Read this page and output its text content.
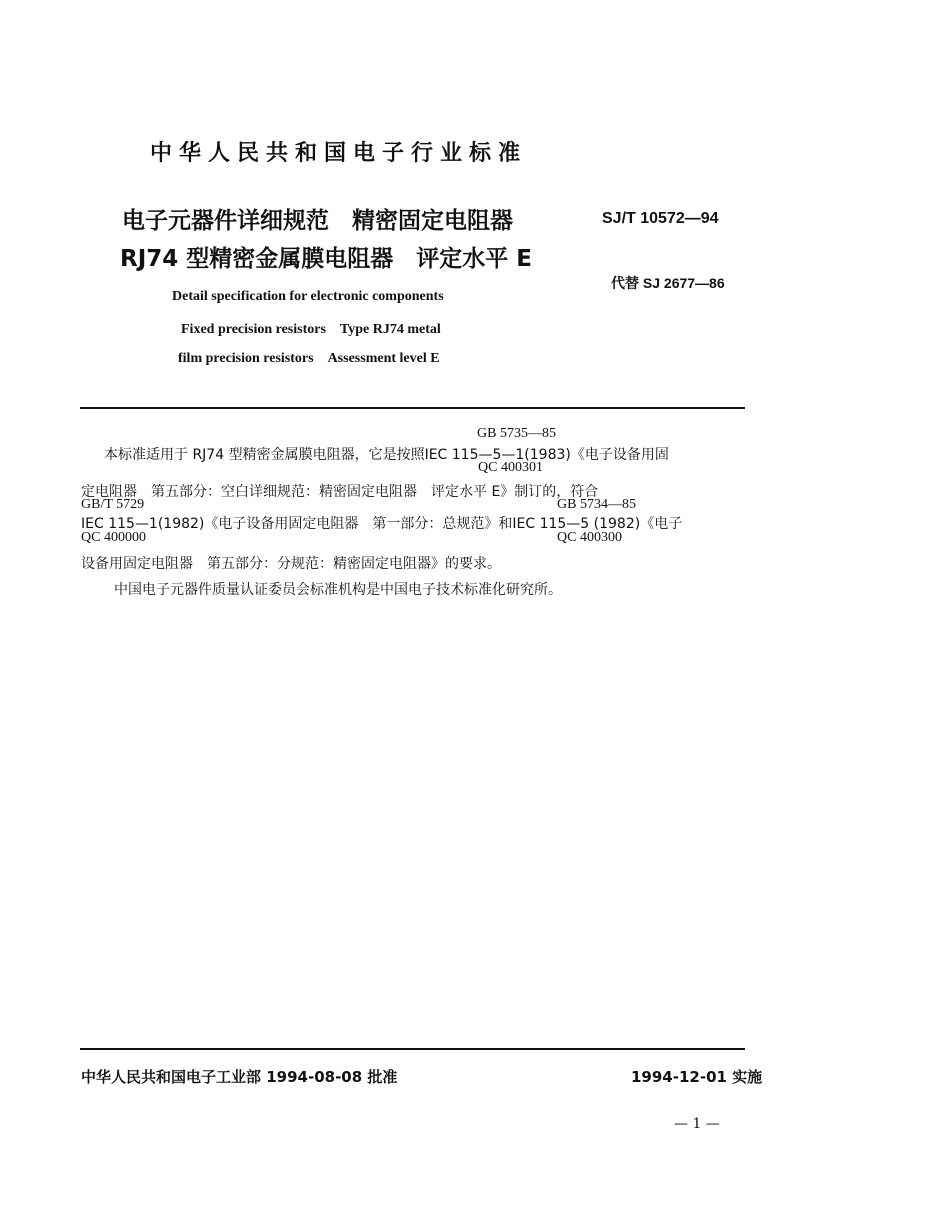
中华人民共和国电子行业标准
电子元器件详细规范　精密固定电阻器
RJ74 型精密金属膜电阻器　评定水平 E
SJ/T 10572—94
代替 SJ 2677—86
Detail specification for electronic components
Fixed precision resistors　Type RJ74 metal
film precision resistors　Assessment level E
GB 5735—85
本标准适用于 RJ74 型精密金属膜电阻器，它是按照IEC 115—5—1(1983)《电子设备用固
QC 400301
定电阻器　第五部分：空白详细规范：精密固定电阻器　评定水平 E》制订的，符合
GB/T 5729	GB 5734—85
IEC 115—1(1982)《电子设备用固定电阻器　第一部分：总规范》和IEC 115—5 (1982)《电子
QC 400000	QC 400300
设备用固定电阻器　第五部分：分规范：精密固定电阻器》的要求。
中国电子元器件质量认证委员会标准机构是中国电子技术标准化研究所。
中华人民共和国电子工业部 1994-08-08 批准	1994-12-01 实施
— 1 —
